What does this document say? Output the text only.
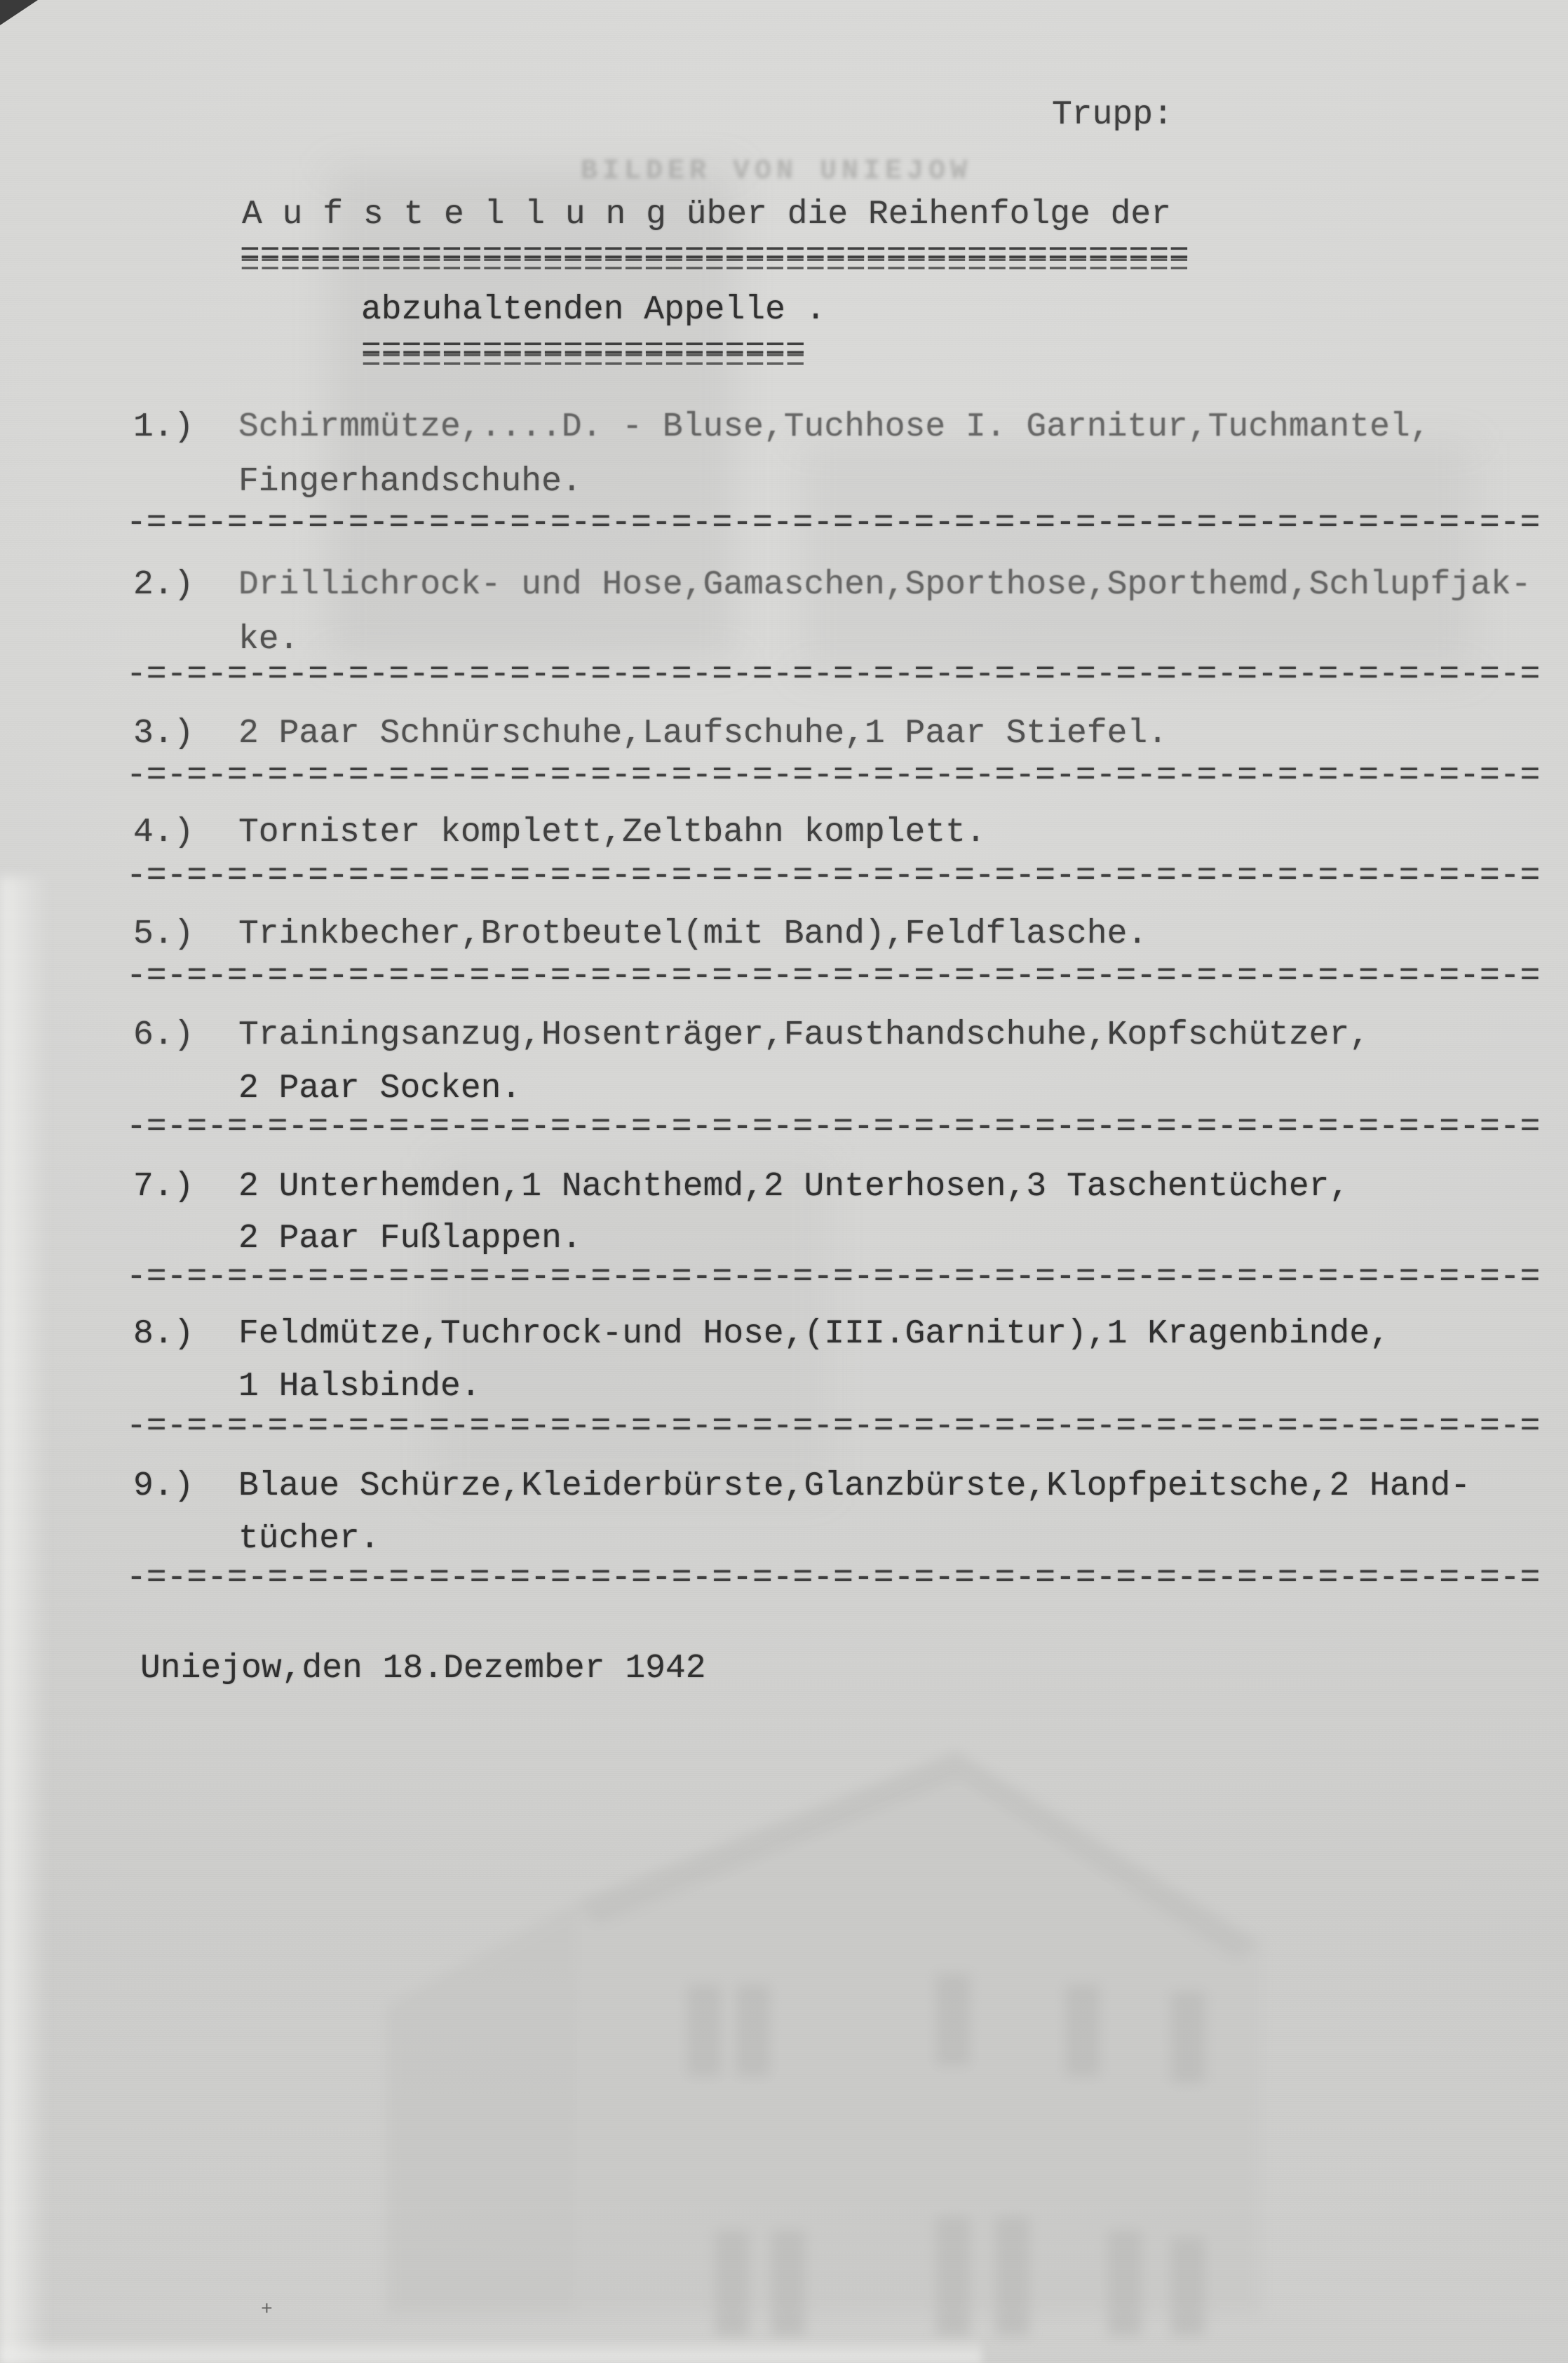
BILDER VON UNIEJOW
Trupp:
A u f s t e l l u n g über die Reihenfolge der
===============================================
abzuhaltenden Appelle .
======================
1.) Schirmmütze,....D. - Bluse,Tuchhose I. Garnitur,Tuchmantel,
Fingerhandschuhe.
-=-=-=-=-=-=-=-=-=-=-=-=-=-=-=-=-=-=-=-=-=-=-=-=-=-=-=-=-=-=-=-=-=-=-=
2.) Drillichrock- und Hose,Gamaschen,Sporthose,Sporthemd,Schlupfjak-
ke.
-=-=-=-=-=-=-=-=-=-=-=-=-=-=-=-=-=-=-=-=-=-=-=-=-=-=-=-=-=-=-=-=-=-=-=
3.) 2 Paar Schnürschuhe,Laufschuhe,1 Paar Stiefel.
-=-=-=-=-=-=-=-=-=-=-=-=-=-=-=-=-=-=-=-=-=-=-=-=-=-=-=-=-=-=-=-=-=-=-=
4.) Tornister komplett,Zeltbahn komplett.
-=-=-=-=-=-=-=-=-=-=-=-=-=-=-=-=-=-=-=-=-=-=-=-=-=-=-=-=-=-=-=-=-=-=-=
5.) Trinkbecher,Brotbeutel(mit Band),Feldflasche.
-=-=-=-=-=-=-=-=-=-=-=-=-=-=-=-=-=-=-=-=-=-=-=-=-=-=-=-=-=-=-=-=-=-=-=
6.) Trainingsanzug,Hosenträger,Fausthandschuhe,Kopfschützer,
2 Paar Socken.
-=-=-=-=-=-=-=-=-=-=-=-=-=-=-=-=-=-=-=-=-=-=-=-=-=-=-=-=-=-=-=-=-=-=-=
7.) 2 Unterhemden,1 Nachthemd,2 Unterhosen,3 Taschentücher,
2 Paar Fußlappen.
-=-=-=-=-=-=-=-=-=-=-=-=-=-=-=-=-=-=-=-=-=-=-=-=-=-=-=-=-=-=-=-=-=-=-=
8.) Feldmütze,Tuchrock-und Hose,(III.Garnitur),1 Kragenbinde,
1 Halsbinde.
-=-=-=-=-=-=-=-=-=-=-=-=-=-=-=-=-=-=-=-=-=-=-=-=-=-=-=-=-=-=-=-=-=-=-=
9.) Blaue Schürze,Kleiderbürste,Glanzbürste,Klopfpeitsche,2 Hand-
tücher.
-=-=-=-=-=-=-=-=-=-=-=-=-=-=-=-=-=-=-=-=-=-=-=-=-=-=-=-=-=-=-=-=-=-=-=
Uniejow,den 18.Dezember 1942
+
